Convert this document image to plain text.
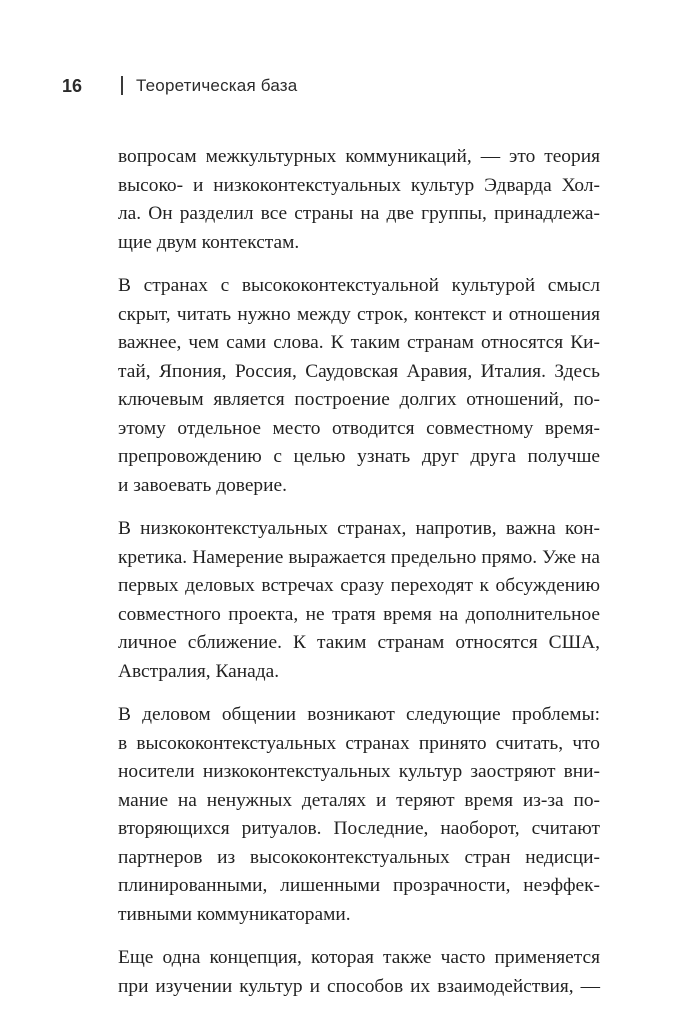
16	Теоретическая база

вопросам межкультурных коммуникаций, — это теория
высоко- и низкоконтекстуальных культур Эдварда Хол-
ла. Он разделил все страны на две группы, принадлежа-
щие двум контекстам.

В странах с высококонтекстуальной культурой смысл
скрыт, читать нужно между строк, контекст и отношения
важнее, чем сами слова. К таким странам относятся Ки-
тай, Япония, Россия, Саудовская Аравия, Италия. Здесь
ключевым является построение долгих отношений, по-
этому отдельное место отводится совместному время-
препровождению с целью узнать друг друга получше
и завоевать доверие.

В низкоконтекстуальных странах, напротив, важна кон-
кретика. Намерение выражается предельно прямо. Уже на
первых деловых встречах сразу переходят к обсуждению
совместного проекта, не тратя время на дополнительное
личное сближение. К таким странам относятся США,
Австралия, Канада.

В деловом общении возникают следующие проблемы:
в высококонтекстуальных странах принято считать, что
носители низкоконтекстуальных культур заостряют вни-
мание на ненужных деталях и теряют время из-за по-
вторяющихся ритуалов. Последние, наоборот, считают
партнеров из высококонтекстуальных стран недисци-
плинированными, лишенными прозрачности, неэффек-
тивными коммуникаторами.

Еще одна концепция, которая также часто применяется
при изучении культур и способов их взаимодействия, —
